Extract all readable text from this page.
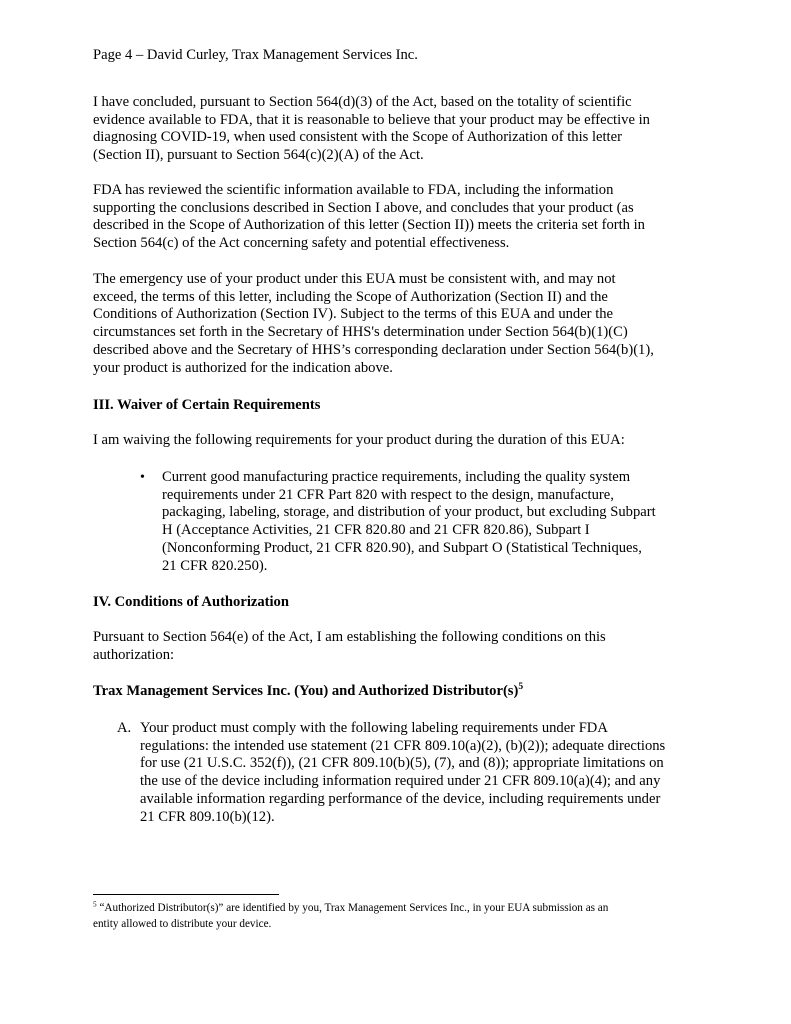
Page 4 – David Curley, Trax Management Services Inc.
I have concluded, pursuant to Section 564(d)(3) of the Act, based on the totality of scientific
evidence available to FDA, that it is reasonable to believe that your product may be effective in
diagnosing COVID-19, when used consistent with the Scope of Authorization of this letter
(Section II), pursuant to Section 564(c)(2)(A) of the Act.
FDA has reviewed the scientific information available to FDA, including the information
supporting the conclusions described in Section I above, and concludes that your product (as
described in the Scope of Authorization of this letter (Section II)) meets the criteria set forth in
Section 564(c) of the Act concerning safety and potential effectiveness.
The emergency use of your product under this EUA must be consistent with, and may not
exceed, the terms of this letter, including the Scope of Authorization (Section II) and the
Conditions of Authorization (Section IV). Subject to the terms of this EUA and under the
circumstances set forth in the Secretary of HHS's determination under Section 564(b)(1)(C)
described above and the Secretary of HHS’s corresponding declaration under Section 564(b)(1),
your product is authorized for the indication above.
III. Waiver of Certain Requirements
I am waiving the following requirements for your product during the duration of this EUA:
• Current good manufacturing practice requirements, including the quality system
requirements under 21 CFR Part 820 with respect to the design, manufacture,
packaging, labeling, storage, and distribution of your product, but excluding Subpart
H (Acceptance Activities, 21 CFR 820.80 and 21 CFR 820.86), Subpart I
(Nonconforming Product, 21 CFR 820.90), and Subpart O (Statistical Techniques,
21 CFR 820.250).
IV. Conditions of Authorization
Pursuant to Section 564(e) of the Act, I am establishing the following conditions on this
authorization:
Trax Management Services Inc. (You) and Authorized $Distributor(s)^5$
A. Your product must comply with the following labeling requirements under FDA
regulations: the intended use statement (21 CFR 809.10(a)(2), (b)(2)); adequate directions
for use (21 U.S.C. 352(f)), (21 CFR 809.10(b)(5), (7), and (8)); appropriate limitations on
the use of the device including information required under 21 CFR 809.10(a)(4); and any
available information regarding performance of the device, including requirements under
21 CFR 809.10(b)(12).
$^5$ “Authorized Distributor(s)” are identified by you, Trax Management Services Inc., in your EUA submission as an
entity allowed to distribute your device.
